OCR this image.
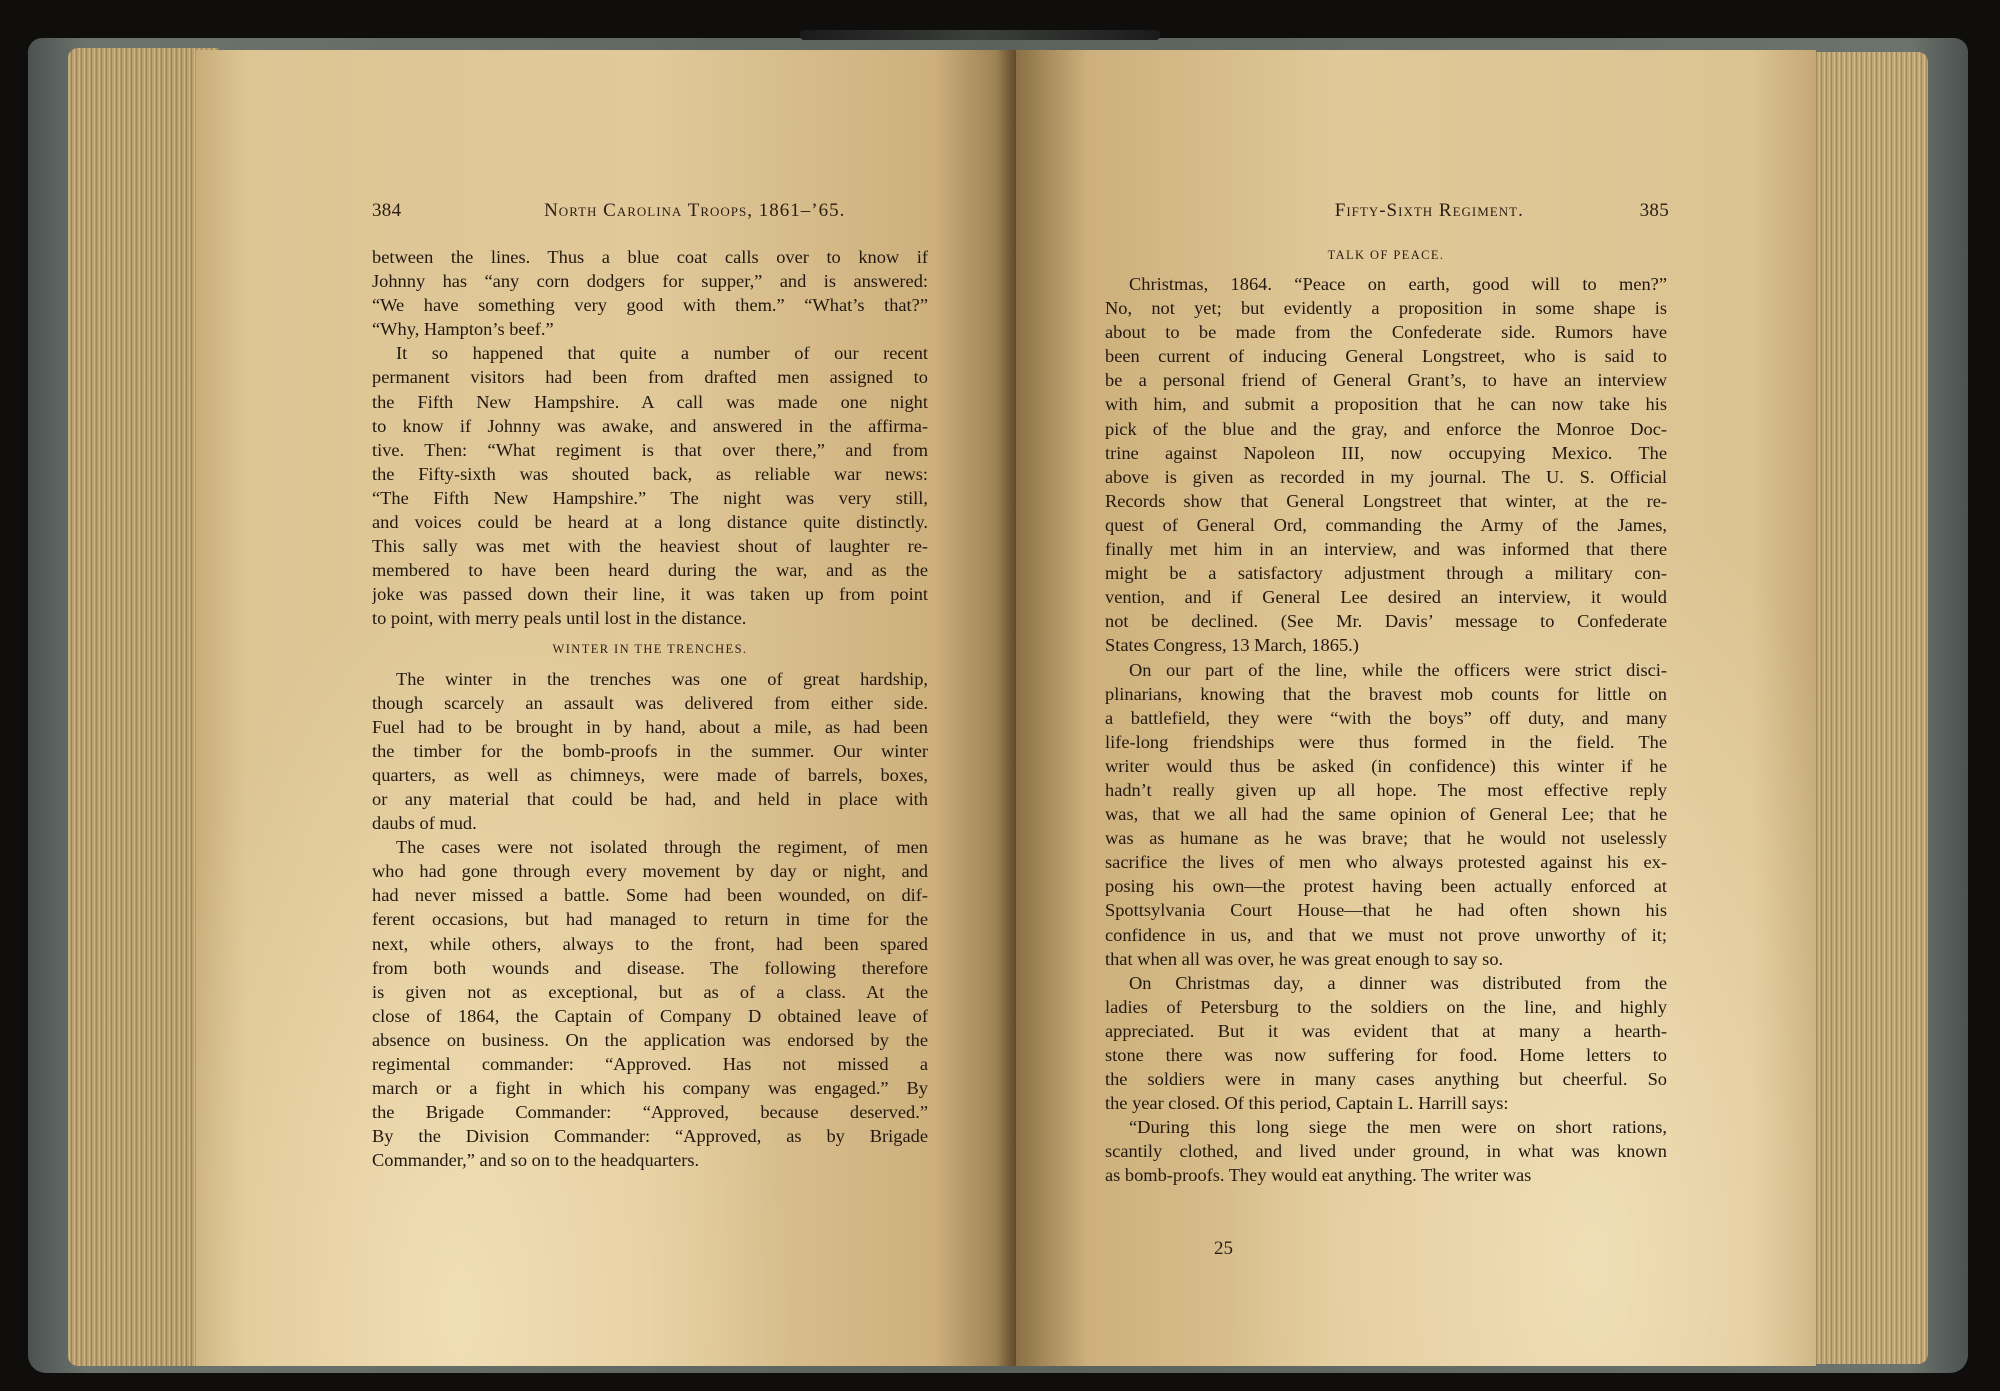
384	North Carolina Troops, 1861–’65.
between the lines. Thus a blue coat calls over to know if
Johnny has “any corn dodgers for supper,” and is answered:
“We have something very good with them.” “What’s that?”
“Why, Hampton’s beef.”
It so happened that quite a number of our recent
permanent visitors had been from drafted men assigned to
the Fifth New Hampshire. A call was made one night
to know if Johnny was awake, and answered in the affirma-
tive. Then: “What regiment is that over there,” and from
the Fifty-sixth was shouted back, as reliable war news:
“The Fifth New Hampshire.” The night was very still,
and voices could be heard at a long distance quite distinctly.
This sally was met with the heaviest shout of laughter re-
membered to have been heard during the war, and as the
joke was passed down their line, it was taken up from point
to point, with merry peals until lost in the distance.
WINTER IN THE TRENCHES.
The winter in the trenches was one of great hardship,
though scarcely an assault was delivered from either side.
Fuel had to be brought in by hand, about a mile, as had been
the timber for the bomb-proofs in the summer. Our winter
quarters, as well as chimneys, were made of barrels, boxes,
or any material that could be had, and held in place with
daubs of mud.
The cases were not isolated through the regiment, of men
who had gone through every movement by day or night, and
had never missed a battle. Some had been wounded, on dif-
ferent occasions, but had managed to return in time for the
next, while others, always to the front, had been spared
from both wounds and disease. The following therefore
is given not as exceptional, but as of a class. At the
close of 1864, the Captain of Company D obtained leave of
absence on business. On the application was endorsed by the
regimental commander: “Approved. Has not missed a
march or a fight in which his company was engaged.” By
the Brigade Commander: “Approved, because deserved.”
By the Division Commander: “Approved, as by Brigade
Commander,” and so on to the headquarters.
Fifty-Sixth Regiment.	385
TALK OF PEACE.
Christmas, 1864. “Peace on earth, good will to men?”
No, not yet; but evidently a proposition in some shape is
about to be made from the Confederate side. Rumors have
been current of inducing General Longstreet, who is said to
be a personal friend of General Grant’s, to have an interview
with him, and submit a proposition that he can now take his
pick of the blue and the gray, and enforce the Monroe Doc-
trine against Napoleon III, now occupying Mexico. The
above is given as recorded in my journal. The U. S. Official
Records show that General Longstreet that winter, at the re-
quest of General Ord, commanding the Army of the James,
finally met him in an interview, and was informed that there
might be a satisfactory adjustment through a military con-
vention, and if General Lee desired an interview, it would
not be declined. (See Mr. Davis’ message to Confederate
States Congress, 13 March, 1865.)
On our part of the line, while the officers were strict disci-
plinarians, knowing that the bravest mob counts for little on
a battlefield, they were “with the boys” off duty, and many
life-long friendships were thus formed in the field. The
writer would thus be asked (in confidence) this winter if he
hadn’t really given up all hope. The most effective reply
was, that we all had the same opinion of General Lee; that he
was as humane as he was brave; that he would not uselessly
sacrifice the lives of men who always protested against his ex-
posing his own—the protest having been actually enforced at
Spottsylvania Court House—that he had often shown his
confidence in us, and that we must not prove unworthy of it;
that when all was over, he was great enough to say so.
On Christmas day, a dinner was distributed from the
ladies of Petersburg to the soldiers on the line, and highly
appreciated. But it was evident that at many a hearth-
stone there was now suffering for food. Home letters to
the soldiers were in many cases anything but cheerful. So
the year closed. Of this period, Captain L. Harrill says:
“During this long siege the men were on short rations,
scantily clothed, and lived under ground, in what was known
as bomb-proofs. They would eat anything. The writer was
25
